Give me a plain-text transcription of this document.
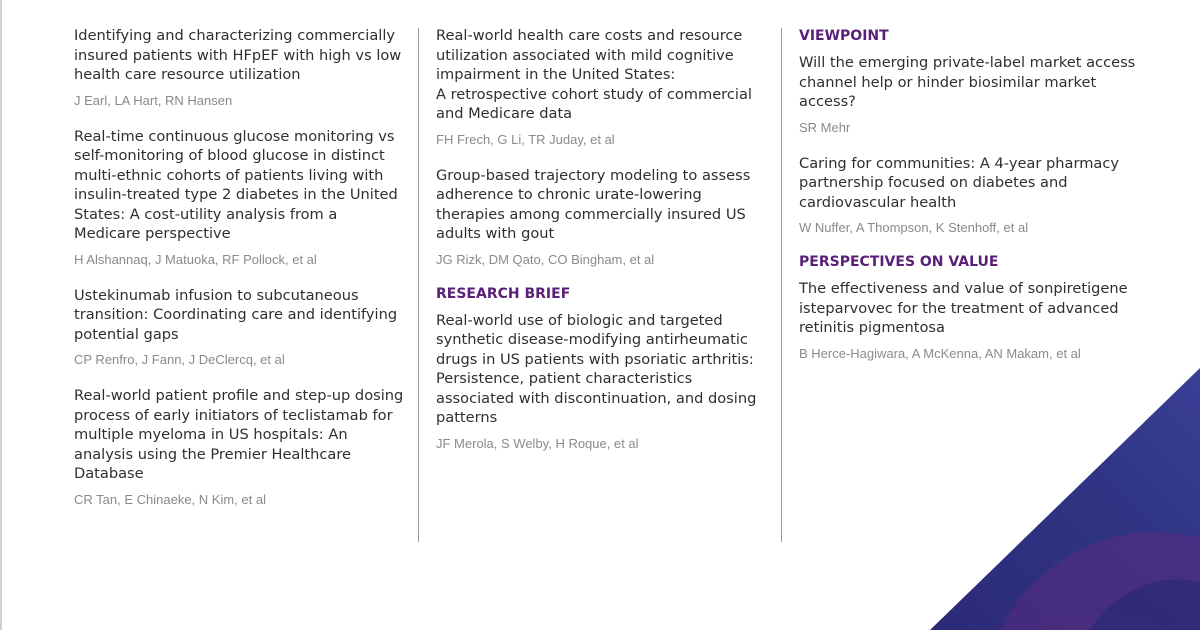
Identifying and characterizing commercially insured patients with HFpEF with high vs low health care resource utilization

J Earl, LA Hart, RN Hansen

Real-time continuous glucose monitoring vs self-monitoring of blood glucose in distinct multi-ethnic cohorts of patients living with insulin-treated type 2 diabetes in the United States: A cost-utility analysis from a Medicare perspective

H Alshannaq, J Matuoka, RF Pollock, et al

Ustekinumab infusion to subcutaneous transition: Coordinating care and identifying potential gaps

CP Renfro, J Fann, J DeClercq, et al

Real-world patient profile and step-up dosing process of early initiators of teclistamab for multiple myeloma in US hospitals: An analysis using the Premier Healthcare Database

CR Tan, E Chinaeke, N Kim, et al

Real-world health care costs and resource utilization associated with mild cognitive impairment in the United States:
A retrospective cohort study of commercial and Medicare data

FH Frech, G Li, TR Juday, et al

Group-based trajectory modeling to assess adherence to chronic urate-lowering therapies among commercially insured US adults with gout

JG Rizk, DM Qato, CO Bingham, et al

RESEARCH BRIEF

Real-world use of biologic and targeted synthetic disease-modifying antirheumatic drugs in US patients with psoriatic arthritis: Persistence, patient characteristics associated with discontinuation, and dosing patterns

JF Merola, S Welby, H Roque, et al

VIEWPOINT

Will the emerging private-label market access channel help or hinder biosimilar market access?

SR Mehr

Caring for communities: A 4-year pharmacy partnership focused on diabetes and cardiovascular health

W Nuffer, A Thompson, K Stenhoff, et al

PERSPECTIVES ON VALUE

The effectiveness and value of sonpiretigene isteparvovec for the treatment of advanced retinitis pigmentosa

B Herce-Hagiwara, A McKenna, AN Makam, et al
